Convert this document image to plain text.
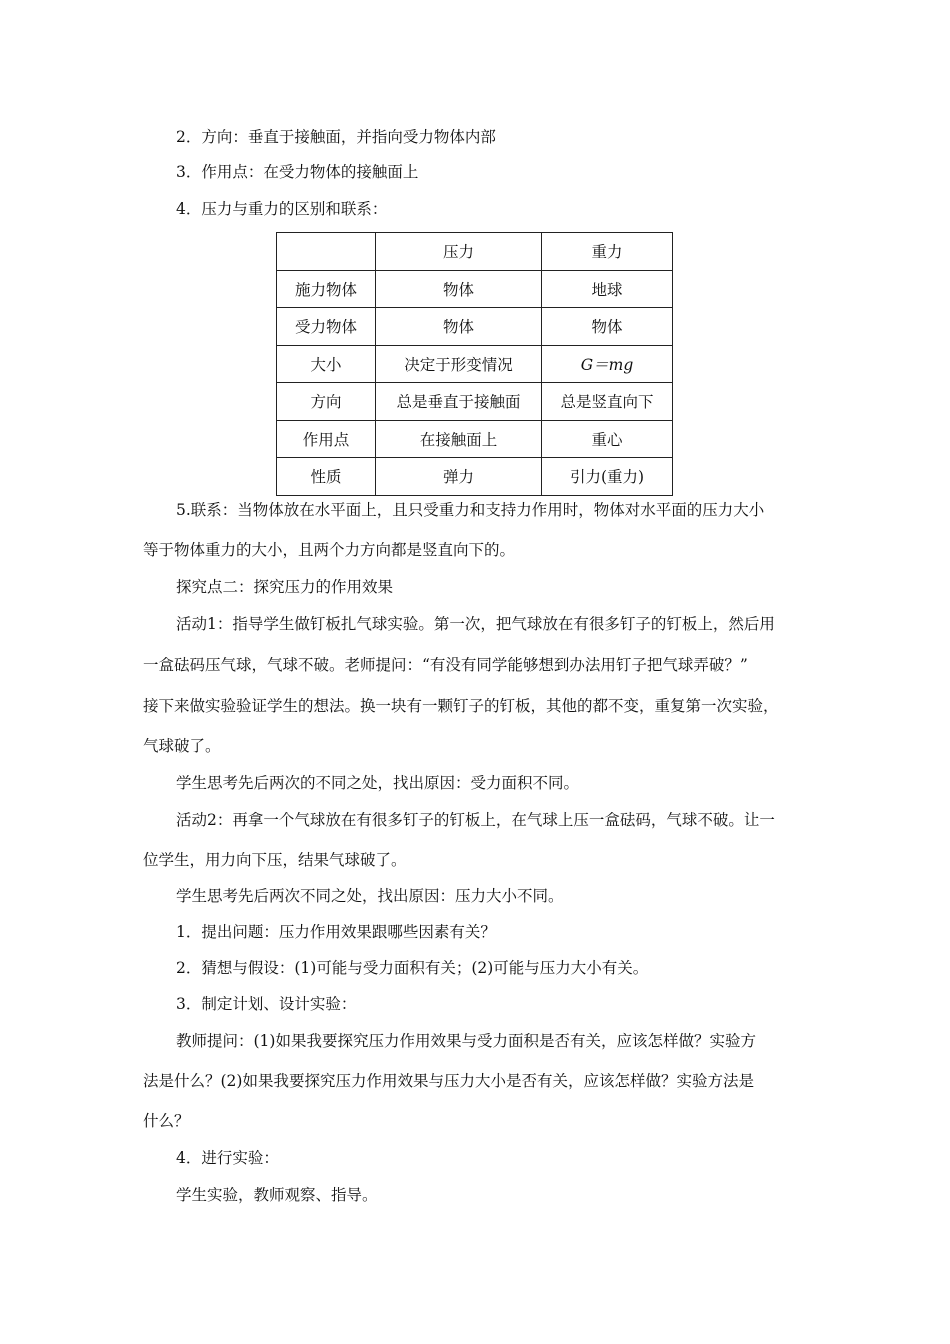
2．方向：垂直于接触面，并指向受力物体内部
3．作用点：在受力物体的接触面上
4．压力与重力的区别和联系：
	压力	重力
施力物体	物体	地球
受力物体	物体	物体
大小	决定于形变情况	G＝mg
方向	总是垂直于接触面	总是竖直向下
作用点	在接触面上	重心
性质	弹力	引力(重力)
5.联系：当物体放在水平面上，且只受重力和支持力作用时，物体对水平面的压力大小
等于物体重力的大小，且两个力方向都是竖直向下的。
探究点二：探究压力的作用效果
活动1：指导学生做钉板扎气球实验。第一次，把气球放在有很多钉子的钉板上，然后用
一盒砝码压气球，气球不破。老师提问：“有没有同学能够想到办法用钉子把气球弄破？”
接下来做实验验证学生的想法。换一块有一颗钉子的钉板，其他的都不变，重复第一次实验，
气球破了。
学生思考先后两次的不同之处，找出原因：受力面积不同。
活动2：再拿一个气球放在有很多钉子的钉板上，在气球上压一盒砝码，气球不破。让一
位学生，用力向下压，结果气球破了。
学生思考先后两次不同之处，找出原因：压力大小不同。
1．提出问题：压力作用效果跟哪些因素有关？
2．猜想与假设：(1)可能与受力面积有关；(2)可能与压力大小有关。
3．制定计划、设计实验：
教师提问：(1)如果我要探究压力作用效果与受力面积是否有关，应该怎样做？实验方
法是什么？(2)如果我要探究压力作用效果与压力大小是否有关，应该怎样做？实验方法是
什么？
4．进行实验：
学生实验，教师观察、指导。
